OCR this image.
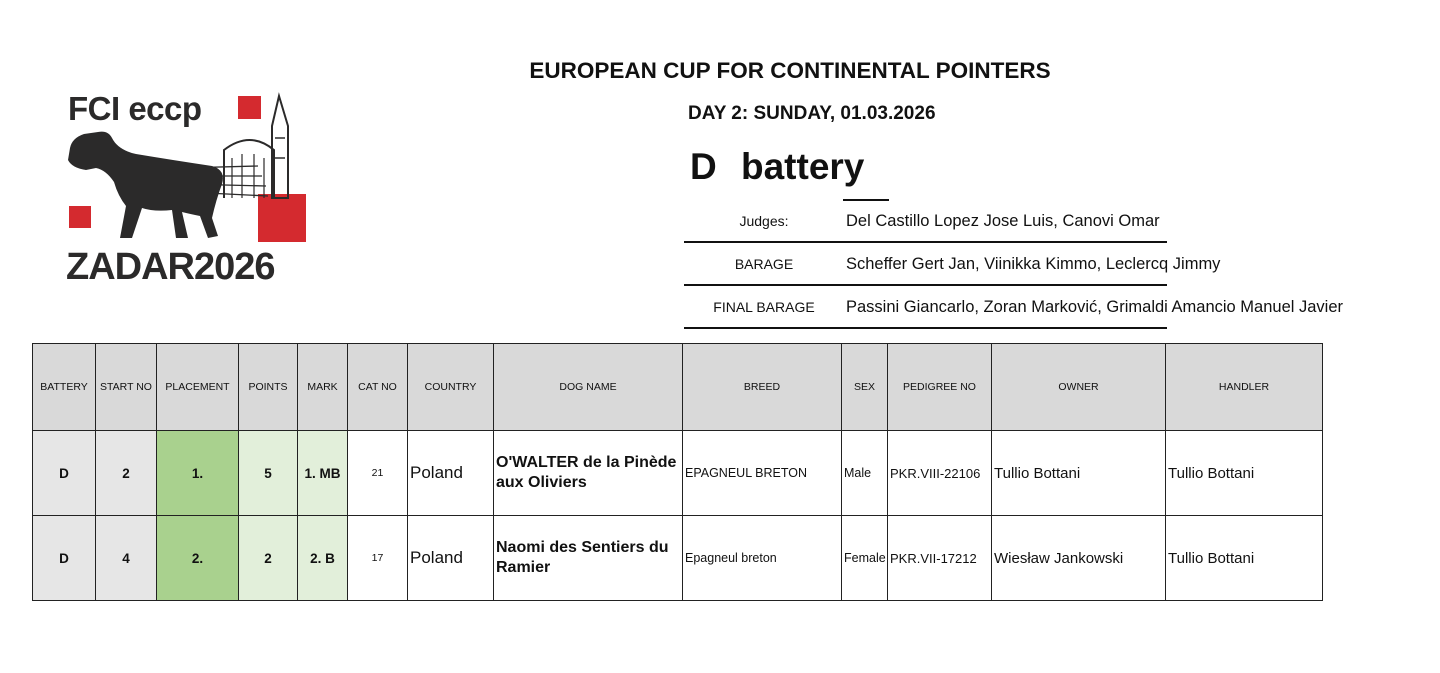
FCI eccp
ZADAR2026
EUROPEAN CUP FOR CONTINENTAL POINTERS
DAY 2: SUNDAY, 01.03.2026
D battery
Judges:	Del Castillo Lopez Jose Luis, Canovi Omar
BARAGE	Scheffer Gert Jan, Viinikka Kimmo, Leclercq Jimmy
FINAL BARAGE	Passini Giancarlo, Zoran Marković, Grimaldi Amancio Manuel Javier
BATTERY	START NO	PLACEMENT	POINTS	MARK	CAT NO	COUNTRY	DOG NAME	BREED	SEX	PEDIGREE NO	OWNER	HANDLER
D	2	1.	5	1. MB	21	Poland	O'WALTER de la Pinède aux Oliviers	EPAGNEUL BRETON	Male	PKR.VIII-22106	Tullio Bottani	Tullio Bottani
D	4	2.	2	2. B	17	Poland	Naomi des Sentiers du Ramier	Epagneul breton	Female	PKR.VII-17212	Wiesław Jankowski	Tullio Bottani
